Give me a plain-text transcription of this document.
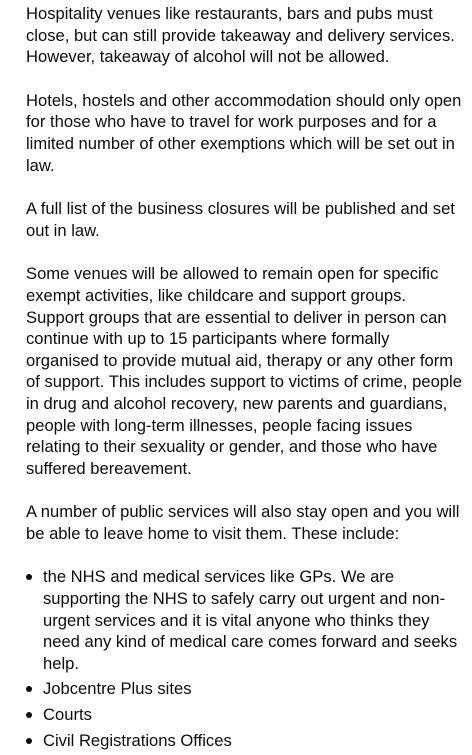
Hospitality venues like restaurants, bars and pubs must close, but can still provide takeaway and delivery services. However, takeaway of alcohol will not be allowed.

Hotels, hostels and other accommodation should only open for those who have to travel for work purposes and for a limited number of other exemptions which will be set out in law.

A full list of the business closures will be published and set out in law.

Some venues will be allowed to remain open for specific exempt activities, like childcare and support groups. Support groups that are essential to deliver in person can continue with up to 15 participants where formally organised to provide mutual aid, therapy or any other form of support. This includes support to victims of crime, people in drug and alcohol recovery, new parents and guardians, people with long-term illnesses, people facing issues relating to their sexuality or gender, and those who have suffered bereavement.

A number of public services will also stay open and you will be able to leave home to visit them. These include:

the NHS and medical services like GPs. We are supporting the NHS to safely carry out urgent and non-urgent services and it is vital anyone who thinks they need any kind of medical care comes forward and seeks help.
Jobcentre Plus sites
Courts
Civil Registrations Offices
